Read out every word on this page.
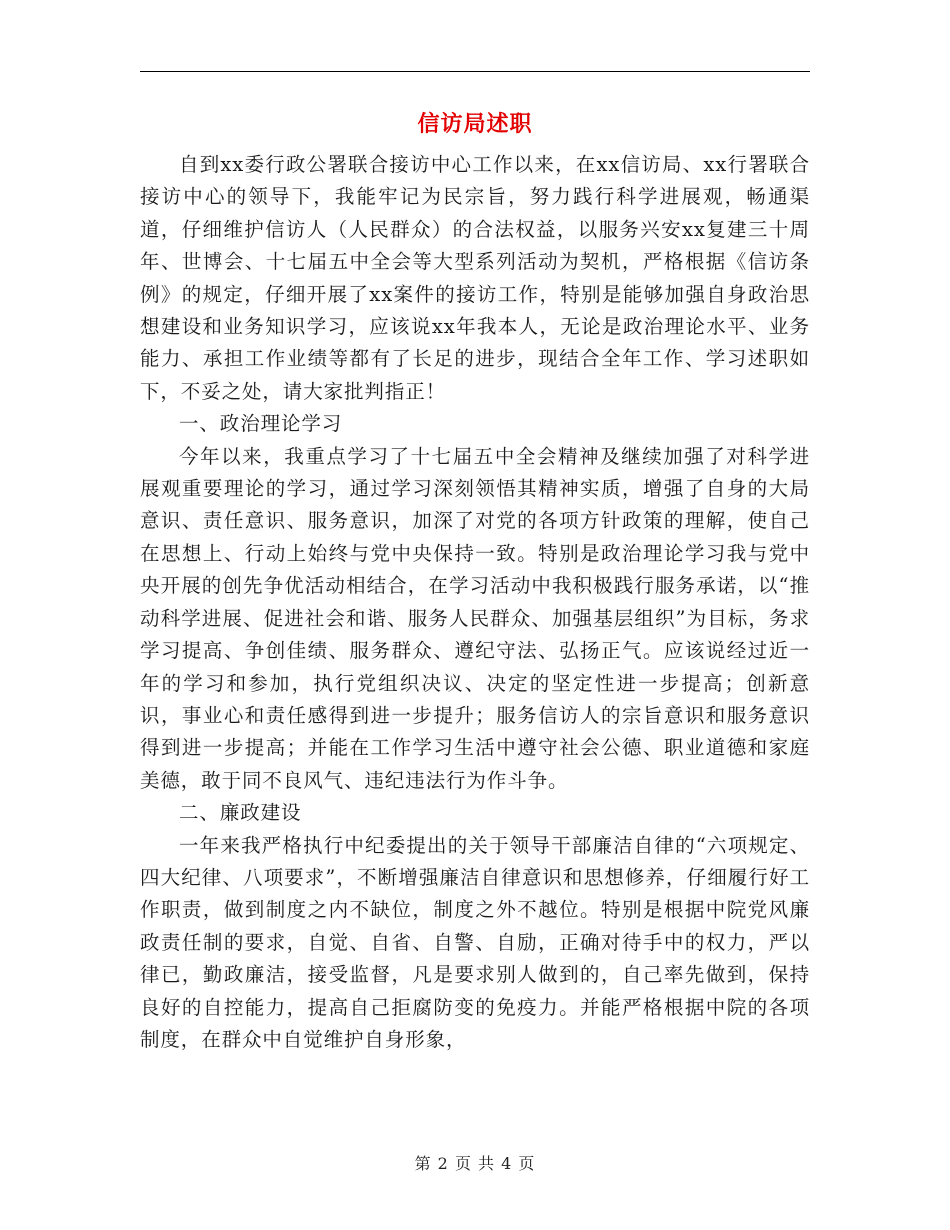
信访局述职

自到xx委行政公署联合接访中心工作以来，在xx信访局、xx行署联合接访中心的领导下，我能牢记为民宗旨，努力践行科学进展观，畅通渠道，仔细维护信访人（人民群众）的合法权益，以服务兴安xx复建三十周年、世博会、十七届五中全会等大型系列活动为契机，严格根据《信访条例》的规定，仔细开展了xx案件的接访工作，特别是能够加强自身政治思想建设和业务知识学习，应该说xx年我本人，无论是政治理论水平、业务能力、承担工作业绩等都有了长足的进步，现结合全年工作、学习述职如下，不妥之处，请大家批判指正！

一、政治理论学习

今年以来，我重点学习了十七届五中全会精神及继续加强了对科学进展观重要理论的学习，通过学习深刻领悟其精神实质，增强了自身的大局意识、责任意识、服务意识，加深了对党的各项方针政策的理解，使自己在思想上、行动上始终与党中央保持一致。特别是政治理论学习我与党中央开展的创先争优活动相结合，在学习活动中我积极践行服务承诺，以“推动科学进展、促进社会和谐、服务人民群众、加强基层组织”为目标，务求学习提高、争创佳绩、服务群众、遵纪守法、弘扬正气。应该说经过近一年的学习和参加，执行党组织决议、决定的坚定性进一步提高；创新意识，事业心和责任感得到进一步提升；服务信访人的宗旨意识和服务意识得到进一步提高；并能在工作学习生活中遵守社会公德、职业道德和家庭美德，敢于同不良风气、违纪违法行为作斗争。

二、廉政建设

一年来我严格执行中纪委提出的关于领导干部廉洁自律的“六项规定、四大纪律、八项要求”，不断增强廉洁自律意识和思想修养，仔细履行好工作职责，做到制度之内不缺位，制度之外不越位。特别是根据中院党风廉政责任制的要求，自觉、自省、自警、自励，正确对待手中的权力，严以律已，勤政廉洁，接受监督，凡是要求别人做到的，自己率先做到，保持良好的自控能力，提高自己拒腐防变的免疫力。并能严格根据中院的各项制度，在群众中自觉维护自身形象，

第 2 页 共 4 页
